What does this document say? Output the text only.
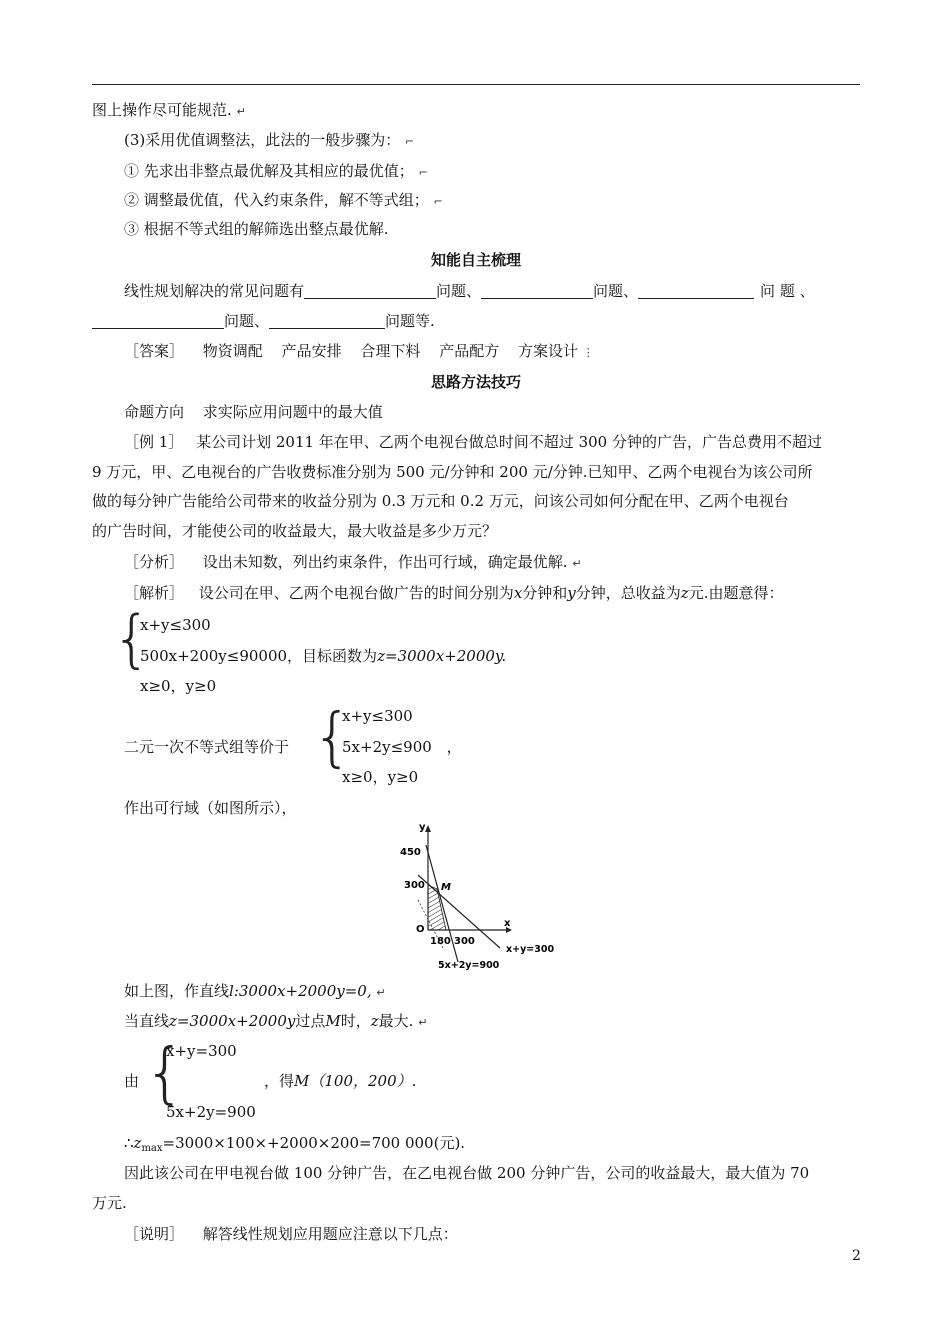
图上操作尽可能规范. ↵
(3)采用优值调整法，此法的一般步骤为： ⌐
① 先求出非整点最优解及其相应的最优值； ⌐
② 调整最优值，代入约束条件，解不等式组； ⌐
③ 根据不等式组的解筛选出整点最优解.
知能自主梳理
线性规划解决的常见问题有	问题、	问题、	问 题 、
问题、	问题等.
［答案］ 物资调配 产品安排 合理下料 产品配方 方案设计 ⋮
思路方法技巧
命题方向 求实际应用问题中的最大值
［例 1］ 某公司计划 2011 年在甲、乙两个电视台做总时间不超过 300 分钟的广告，广告总费用不超过
9 万元，甲、乙电视台的广告收费标准分别为 500 元/分钟和 200 元/分钟.已知甲、乙两个电视台为该公司所
做的每分钟广告能给公司带来的收益分别为 0.3 万元和 0.2 万元，问该公司如何分配在甲、乙两个电视台
的广告时间，才能使公司的收益最大，最大收益是多少万元？
［分析］ 设出未知数，列出约束条件，作出可行域，确定最优解. ↵
［解析］ 设公司在甲、乙两个电视台做广告的时间分别为x分钟和y分钟，总收益为z元.由题意得：
{
x+y≤300
500x+200y≤90000，目标函数为z=3000x+2000y.
x≥0，y≥0
二元一次不等式组等价于 {
x+y≤300
5x+2y≤900 ，
x≥0，y≥0
作出可行域（如图所示），
y
x
450
300
O
180 300
M
x+y=300
5x+2y=900
如上图，作直线l:3000x+2000y=0, ↵
当直线z=3000x+2000y过点M时，z最大. ↵
由 {
x+y=300
，得M（100，200）.
5x+2y=900
$\therefore z_{max}=3000\times 100\times+2000\times 200=700$ 000(元).
因此该公司在甲电视台做 100 分钟广告，在乙电视台做 200 分钟广告，公司的收益最大，最大值为 70
万元.
［说明］ 解答线性规划应用题应注意以下几点：
2
